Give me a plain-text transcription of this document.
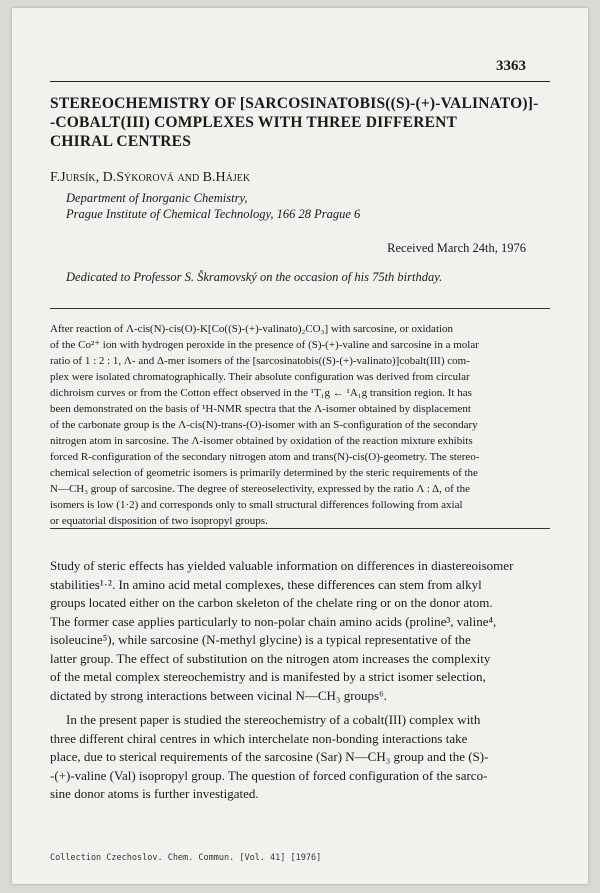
3363
STEREOCHEMISTRY OF [SARCOSINATOBIS((S)-(+)-VALINATO)]-
-COBALT(III) COMPLEXES WITH THREE DIFFERENT
CHIRAL CENTRES
F.Jursík, D.Sýkorová and B.Hájek
Department of Inorganic Chemistry,
Prague Institute of Chemical Technology, 166 28 Prague 6
Received March 24th, 1976
Dedicated to Professor S. Škramovský on the occasion of his 75th birthday.
After reaction of Λ-cis(N)-cis(O)-K[Co((S)-(+)-valinato)₂CO₃] with sarcosine, or oxidation
of the Co²⁺ ion with hydrogen peroxide in the presence of (S)-(+)-valine and sarcosine in a molar
ratio of 1 : 2 : 1, Λ- and Δ-mer isomers of the [sarcosinatobis((S)-(+)-valinato)]cobalt(III) com-
plex were isolated chromatographically. Their absolute configuration was derived from circular
dichroism curves or from the Cotton effect observed in the ¹T₁g ← ¹A₁g transition region. It has
been demonstrated on the basis of ¹H-NMR spectra that the Λ-isomer obtained by displacement
of the carbonate group is the Λ-cis(N)-trans-(O)-isomer with an S-configuration of the secondary
nitrogen atom in sarcosine. The Λ-isomer obtained by oxidation of the reaction mixture exhibits
forced R-configuration of the secondary nitrogen atom and trans(N)-cis(O)-geometry. The stereo-
chemical selection of geometric isomers is primarily determined by the steric requirements of the
N—CH₃ group of sarcosine. The degree of stereoselectivity, expressed by the ratio Λ : Δ, of the
isomers is low (1·2) and corresponds only to small structural differences following from axial
or equatorial disposition of two isopropyl groups.
Study of steric effects has yielded valuable information on differences in diastereoisomer
stabilities¹·². In amino acid metal complexes, these differences can stem from alkyl
groups located either on the carbon skeleton of the chelate ring or on the donor atom.
The former case applies particularly to non-polar chain amino acids (proline³, valine⁴,
isoleucine⁵), while sarcosine (N-methyl glycine) is a typical representative of the
latter group. The effect of substitution on the nitrogen atom increases the complexity
of the metal complex stereochemistry and is manifested by a strict isomer selection,
dictated by strong interactions between vicinal N—CH₃ groups⁶.
In the present paper is studied the stereochemistry of a cobalt(III) complex with
three different chiral centres in which interchelate non-bonding interactions take
place, due to sterical requirements of the sarcosine (Sar) N—CH₃ group and the (S)-
-(+)-valine (Val) isopropyl group. The question of forced configuration of the sarco-
sine donor atoms is further investigated.
Collection Czechoslov. Chem. Commun. [Vol. 41] [1976]
